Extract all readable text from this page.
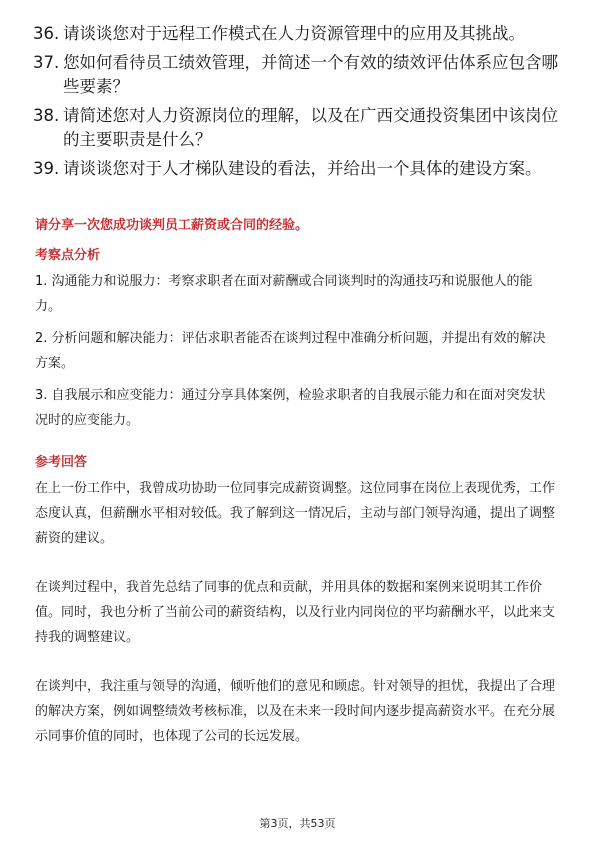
36. 请谈谈您对于远程工作模式在人力资源管理中的应用及其挑战。
37. 您如何看待员工绩效管理，并简述一个有效的绩效评估体系应包含哪些要素？
38. 请简述您对人力资源岗位的理解，以及在广西交通投资集团中该岗位的主要职责是什么？
39. 请谈谈您对于人才梯队建设的看法，并给出一个具体的建设方案。
请分享一次您成功谈判员工薪资或合同的经验。
考察点分析

1. 沟通能力和说服力：考察求职者在面对薪酬或合同谈判时的沟通技巧和说服他人的能力。

2. 分析问题和解决能力：评估求职者能否在谈判过程中准确分析问题，并提出有效的解决方案。

3. 自我展示和应变能力：通过分享具体案例，检验求职者的自我展示能力和在面对突发状况时的应变能力。

参考回答

在上一份工作中，我曾成功协助一位同事完成薪资调整。这位同事在岗位上表现优秀，工作态度认真，但薪酬水平相对较低。我了解到这一情况后，主动与部门领导沟通，提出了调整薪资的建议。

在谈判过程中，我首先总结了同事的优点和贡献，并用具体的数据和案例来说明其工作价值。同时，我也分析了当前公司的薪资结构，以及行业内同岗位的平均薪酬水平，以此来支持我的调整建议。

在谈判中，我注重与领导的沟通，倾听他们的意见和顾虑。针对领导的担忧，我提出了合理的解决方案，例如调整绩效考核标准，以及在未来一段时间内逐步提高薪资水平。在充分展示同事价值的同时，也体现了公司的长远发展。

第3页，共53页
